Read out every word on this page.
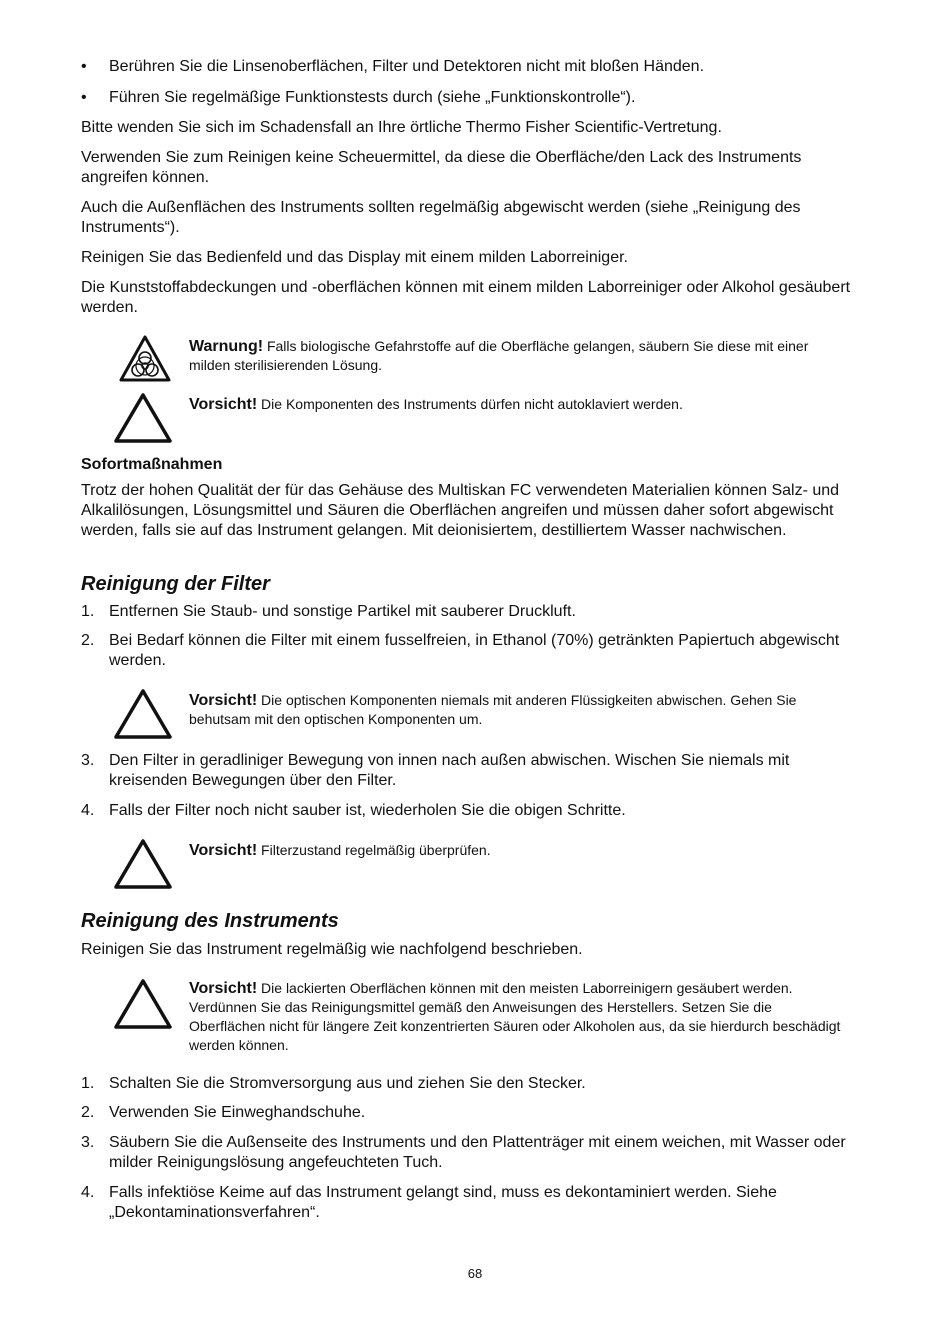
•	Berühren Sie die Linsenoberflächen, Filter und Detektoren nicht mit bloßen Händen.
•	Führen Sie regelmäßige Funktionstests durch (siehe „Funktionskontrolle“).
Bitte wenden Sie sich im Schadensfall an Ihre örtliche Thermo Fisher Scientific-Vertretung.
Verwenden Sie zum Reinigen keine Scheuermittel, da diese die Oberfläche/den Lack des Instruments angreifen können.
Auch die Außenflächen des Instruments sollten regelmäßig abgewischt werden (siehe „Reinigung des Instruments“).
Reinigen Sie das Bedienfeld und das Display mit einem milden Laborreiniger.
Die Kunststoffabdeckungen und -oberflächen können mit einem milden Laborreiniger oder Alkohol gesäubert werden.
Warnung! Falls biologische Gefahrstoffe auf die Oberfläche gelangen, säubern Sie diese mit einer milden sterilisierenden Lösung.
Vorsicht! Die Komponenten des Instruments dürfen nicht autoklaviert werden.
Sofortmaßnahmen
Trotz der hohen Qualität der für das Gehäuse des Multiskan FC verwendeten Materialien können Salz- und Alkalilösungen, Lösungsmittel und Säuren die Oberflächen angreifen und müssen daher sofort abgewischt werden, falls sie auf das Instrument gelangen. Mit deionisiertem, destilliertem Wasser nachwischen.
Reinigung der Filter
1. Entfernen Sie Staub- und sonstige Partikel mit sauberer Druckluft.
2. Bei Bedarf können die Filter mit einem fusselfreien, in Ethanol (70%) getränkten Papiertuch abgewischt werden.
Vorsicht! Die optischen Komponenten niemals mit anderen Flüssigkeiten abwischen. Gehen Sie behutsam mit den optischen Komponenten um.
3. Den Filter in geradliniger Bewegung von innen nach außen abwischen. Wischen Sie niemals mit kreisenden Bewegungen über den Filter.
4. Falls der Filter noch nicht sauber ist, wiederholen Sie die obigen Schritte.
Vorsicht! Filterzustand regelmäßig überprüfen.
Reinigung des Instruments
Reinigen Sie das Instrument regelmäßig wie nachfolgend beschrieben.
Vorsicht! Die lackierten Oberflächen können mit den meisten Laborreinigern gesäubert werden. Verdünnen Sie das Reinigungsmittel gemäß den Anweisungen des Herstellers. Setzen Sie die Oberflächen nicht für längere Zeit konzentrierten Säuren oder Alkoholen aus, da sie hierdurch beschädigt werden können.
1. Schalten Sie die Stromversorgung aus und ziehen Sie den Stecker.
2. Verwenden Sie Einweghandschuhe.
3. Säubern Sie die Außenseite des Instruments und den Plattenträger mit einem weichen, mit Wasser oder milder Reinigungslösung angefeuchteten Tuch.
4. Falls infektiöse Keime auf das Instrument gelangt sind, muss es dekontaminiert werden. Siehe „Dekontaminationsverfahren“.
68
